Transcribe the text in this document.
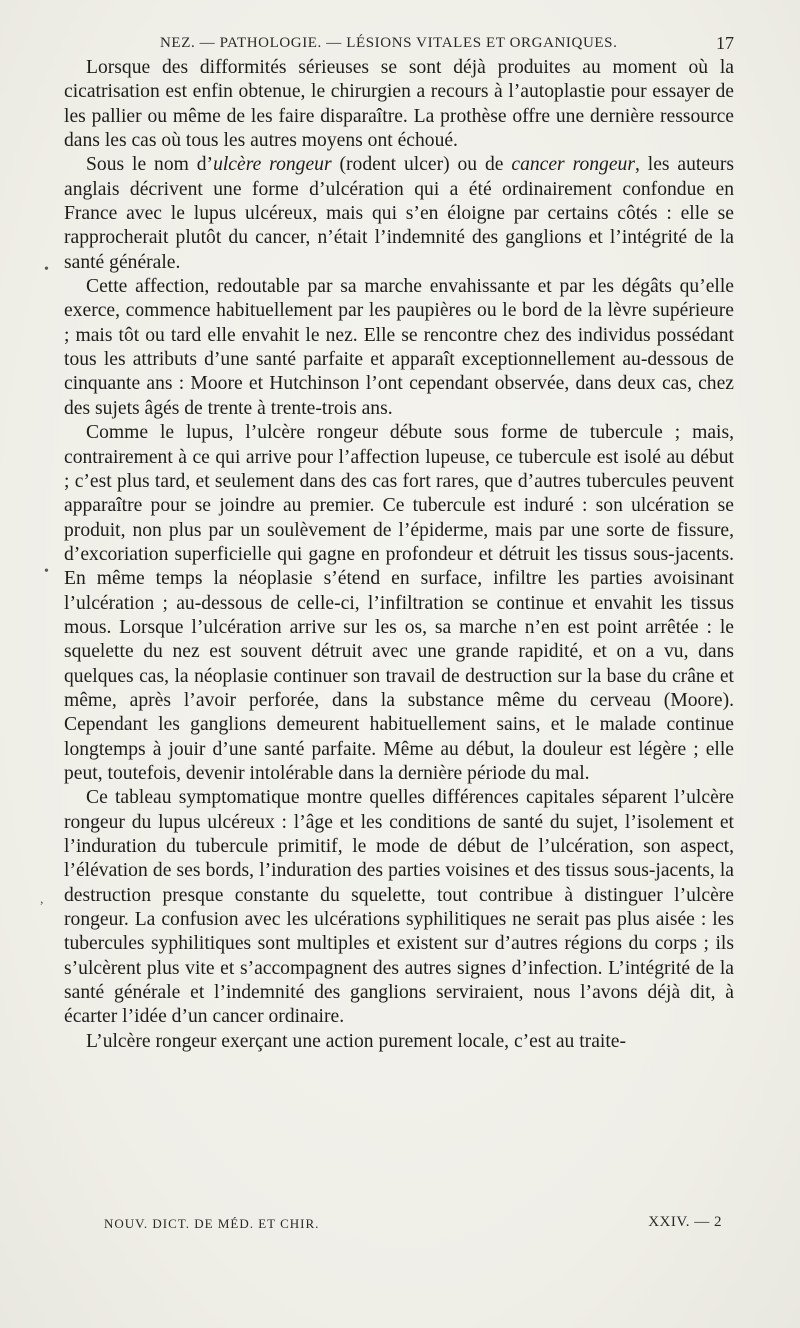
NEZ. — PATHOLOGIE. — LÉSIONS VITALES ET ORGANIQUES.	17

Lorsque des difformités sérieuses se sont déjà produites au moment où la cicatrisation est enfin obtenue, le chirurgien a recours à l’autoplastie pour essayer de les pallier ou même de les faire disparaître. La prothèse offre une dernière ressource dans les cas où tous les autres moyens ont échoué.

Sous le nom d’ulcère rongeur (rodent ulcer) ou de cancer rongeur, les auteurs anglais décrivent une forme d’ulcération qui a été ordinairement confondue en France avec le lupus ulcéreux, mais qui s’en éloigne par certains côtés : elle se rapprocherait plutôt du cancer, n’était l’indemnité des ganglions et l’intégrité de la santé générale.

Cette affection, redoutable par sa marche envahissante et par les dégâts qu’elle exerce, commence habituellement par les paupières ou le bord de la lèvre supérieure ; mais tôt ou tard elle envahit le nez. Elle se rencontre chez des individus possédant tous les attributs d’une santé parfaite et apparaît exceptionnellement au-dessous de cinquante ans : Moore et Hutchinson l’ont cependant observée, dans deux cas, chez des sujets âgés de trente à trente-trois ans.

Comme le lupus, l’ulcère rongeur débute sous forme de tubercule ; mais, contrairement à ce qui arrive pour l’affection lupeuse, ce tubercule est isolé au début ; c’est plus tard, et seulement dans des cas fort rares, que d’autres tubercules peuvent apparaître pour se joindre au premier. Ce tubercule est induré : son ulcération se produit, non plus par un soulèvement de l’épiderme, mais par une sorte de fissure, d’excoriation superficielle qui gagne en profondeur et détruit les tissus sous-jacents. En même temps la néoplasie s’étend en surface, infiltre les parties avoisinant l’ulcération ; au-dessous de celle-ci, l’infiltration se continue et envahit les tissus mous. Lorsque l’ulcération arrive sur les os, sa marche n’en est point arrêtée : le squelette du nez est souvent détruit avec une grande rapidité, et on a vu, dans quelques cas, la néoplasie continuer son travail de destruction sur la base du crâne et même, après l’avoir perforée, dans la substance même du cerveau (Moore). Cependant les ganglions demeurent habituellement sains, et le malade continue longtemps à jouir d’une santé parfaite. Même au début, la douleur est légère ; elle peut, toutefois, devenir intolérable dans la dernière période du mal.

Ce tableau symptomatique montre quelles différences capitales séparent l’ulcère rongeur du lupus ulcéreux : l’âge et les conditions de santé du sujet, l’isolement et l’induration du tubercule primitif, le mode de début de l’ulcération, son aspect, l’élévation de ses bords, l’induration des parties voisines et des tissus sous-jacents, la destruction presque constante du squelette, tout contribue à distinguer l’ulcère rongeur. La confusion avec les ulcérations syphilitiques ne serait pas plus aisée : les tubercules syphilitiques sont multiples et existent sur d’autres régions du corps ; ils s’ulcèrent plus vite et s’accompagnent des autres signes d’infection. L’intégrité de la santé générale et l’indemnité des ganglions serviraient, nous l’avons déjà dit, à écarter l’idée d’un cancer ordinaire.

L’ulcère rongeur exerçant une action purement locale, c’est au traite-

NOUV. DICT. DE MÉD. ET CHIR.	XXIV. — 2
•
•
,
